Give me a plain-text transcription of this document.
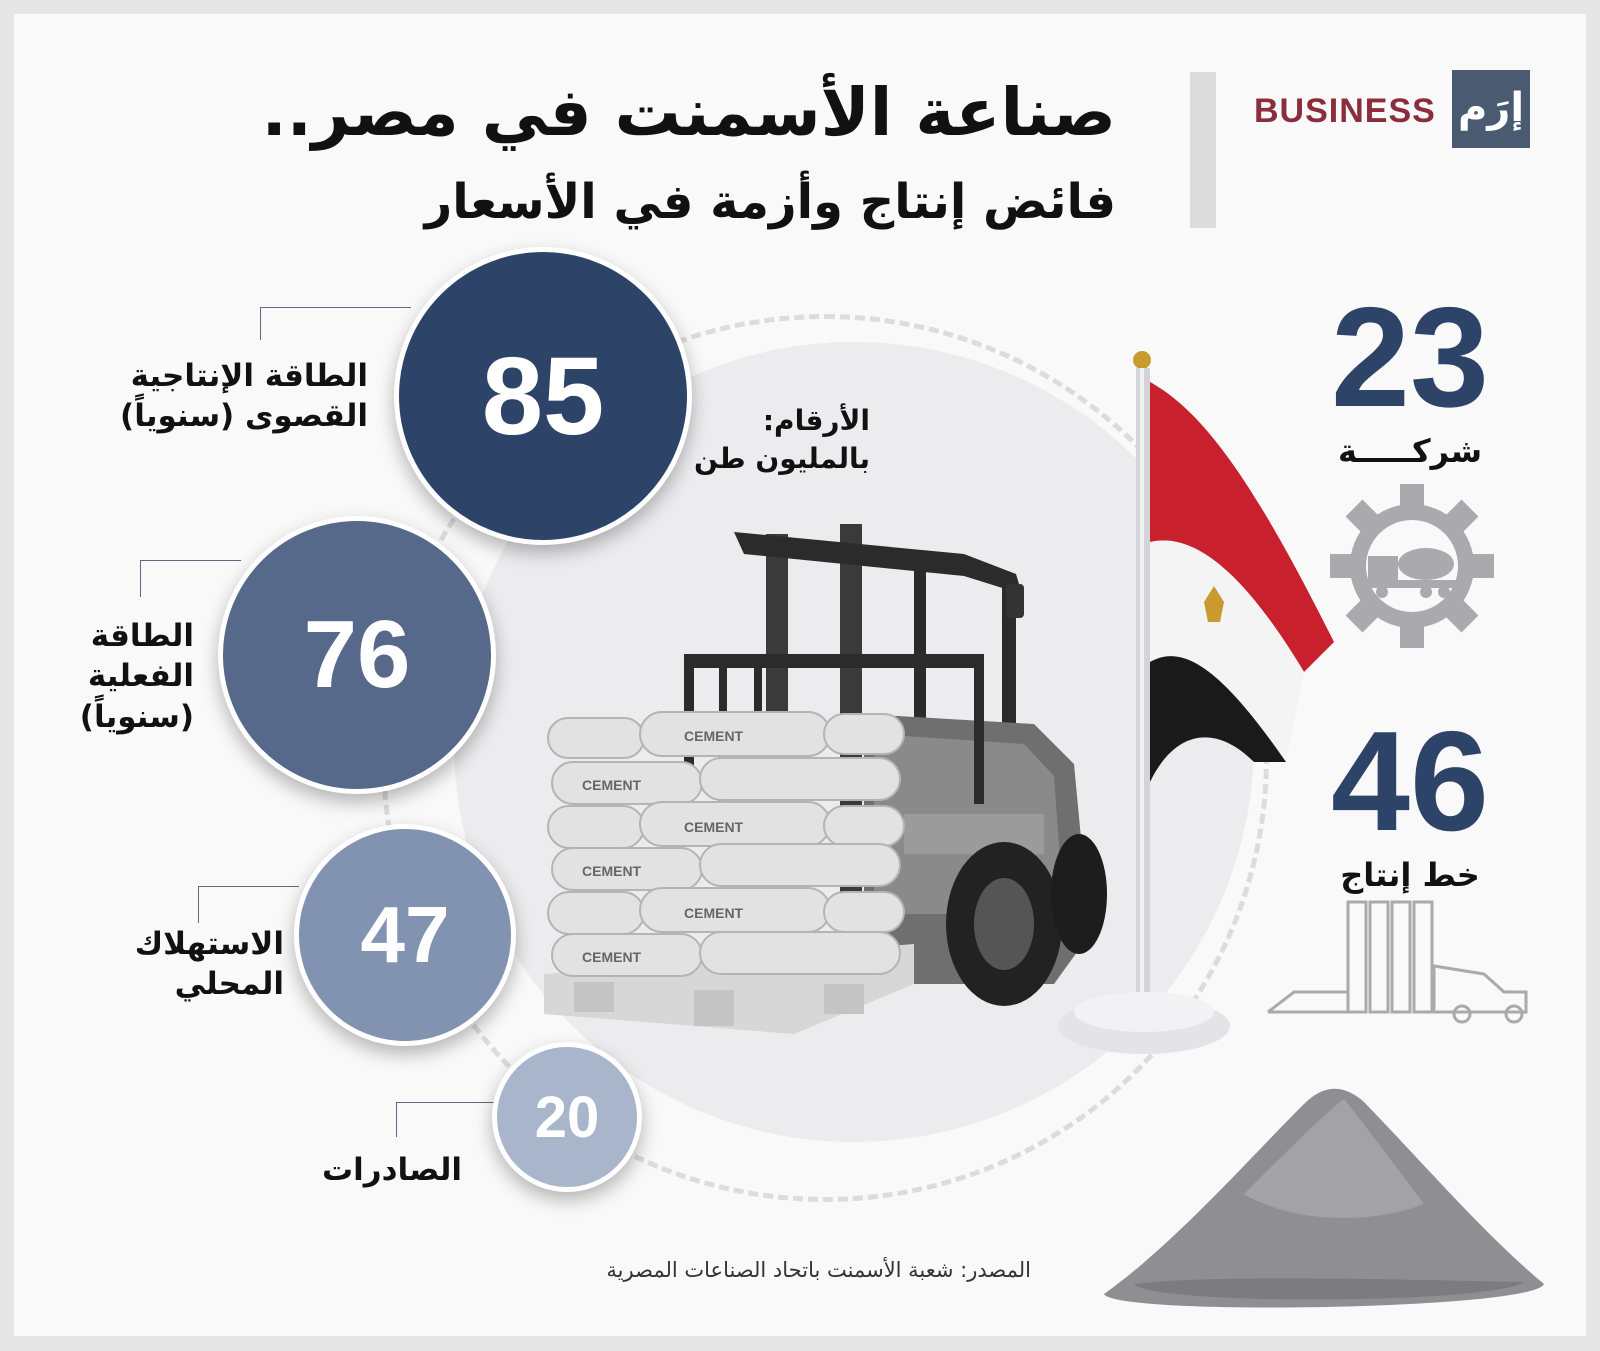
صناعة الأسمنت في مصر..
فائض إنتاج وأزمة في الأسعار
BUSINESS إرَم
الأرقام:
بالمليون طن
85
الطاقة الإنتاجية
القصوى (سنوياً)
76
الطاقة
الفعلية
(سنوياً)
47
الاستهلاك
المحلي
20
الصادرات
CEMENT
CEMENT
CEMENT
CEMENT
CEMENT
CEMENT
23
شركـــــة
46
خط إنتاج
المصدر: شعبة الأسمنت باتحاد الصناعات المصرية
